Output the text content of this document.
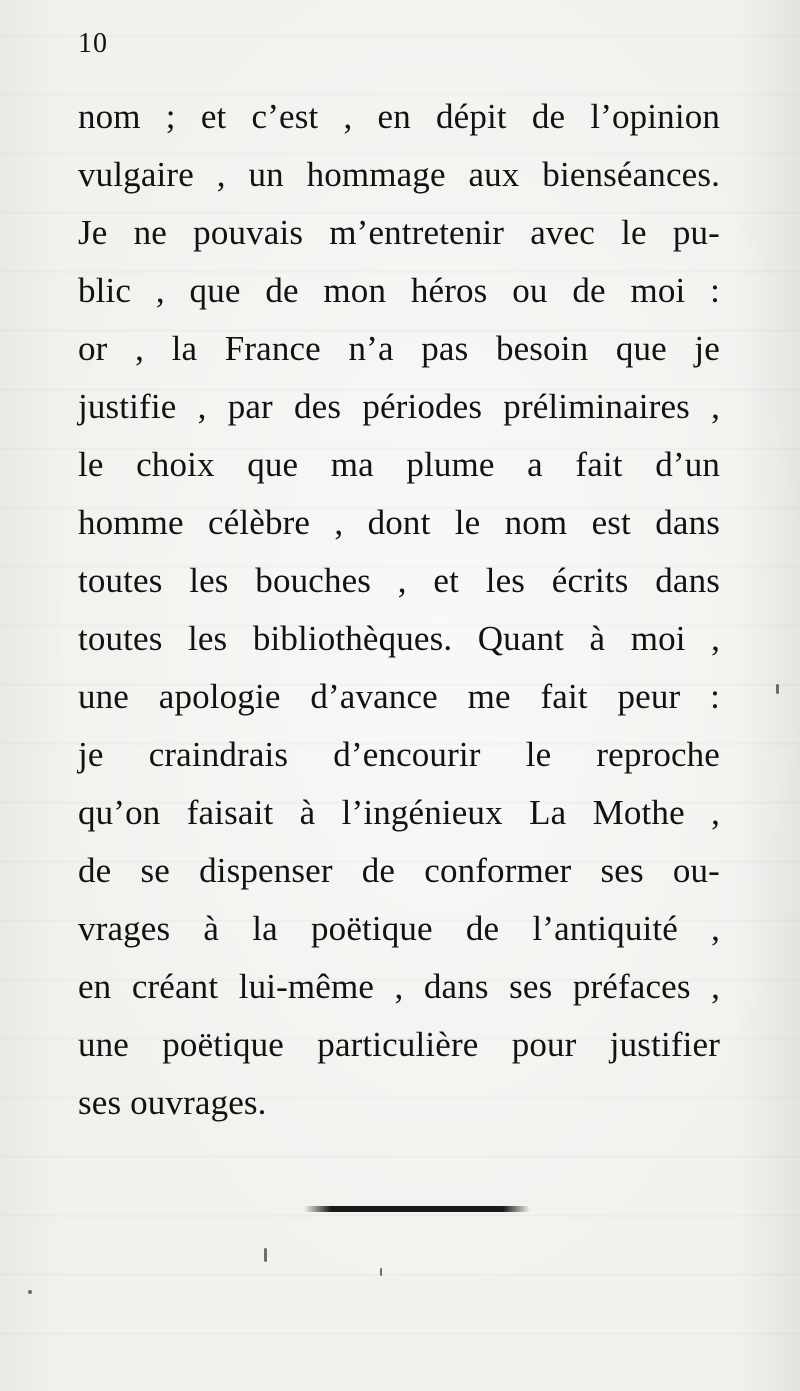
10
nom ; et c’est , en dépit de l’opinion
vulgaire , un hommage aux bienséances.
Je ne pouvais m’entretenir avec le pu-
blic , que de mon héros ou de moi :
or , la France n’a pas besoin que je
justifie , par des périodes préliminaires ,
le choix que ma plume a fait d’un
homme célèbre , dont le nom est dans
toutes les bouches , et les écrits dans
toutes les bibliothèques. Quant à moi ,
une apologie d’avance me fait peur :
je craindrais d’encourir le reproche
qu’on faisait à l’ingénieux La Mothe ,
de se dispenser de conformer ses ou-
vrages à la poëtique de l’antiquité ,
en créant lui-même , dans ses préfaces ,
une poëtique particulière pour justifier
ses ouvrages.
